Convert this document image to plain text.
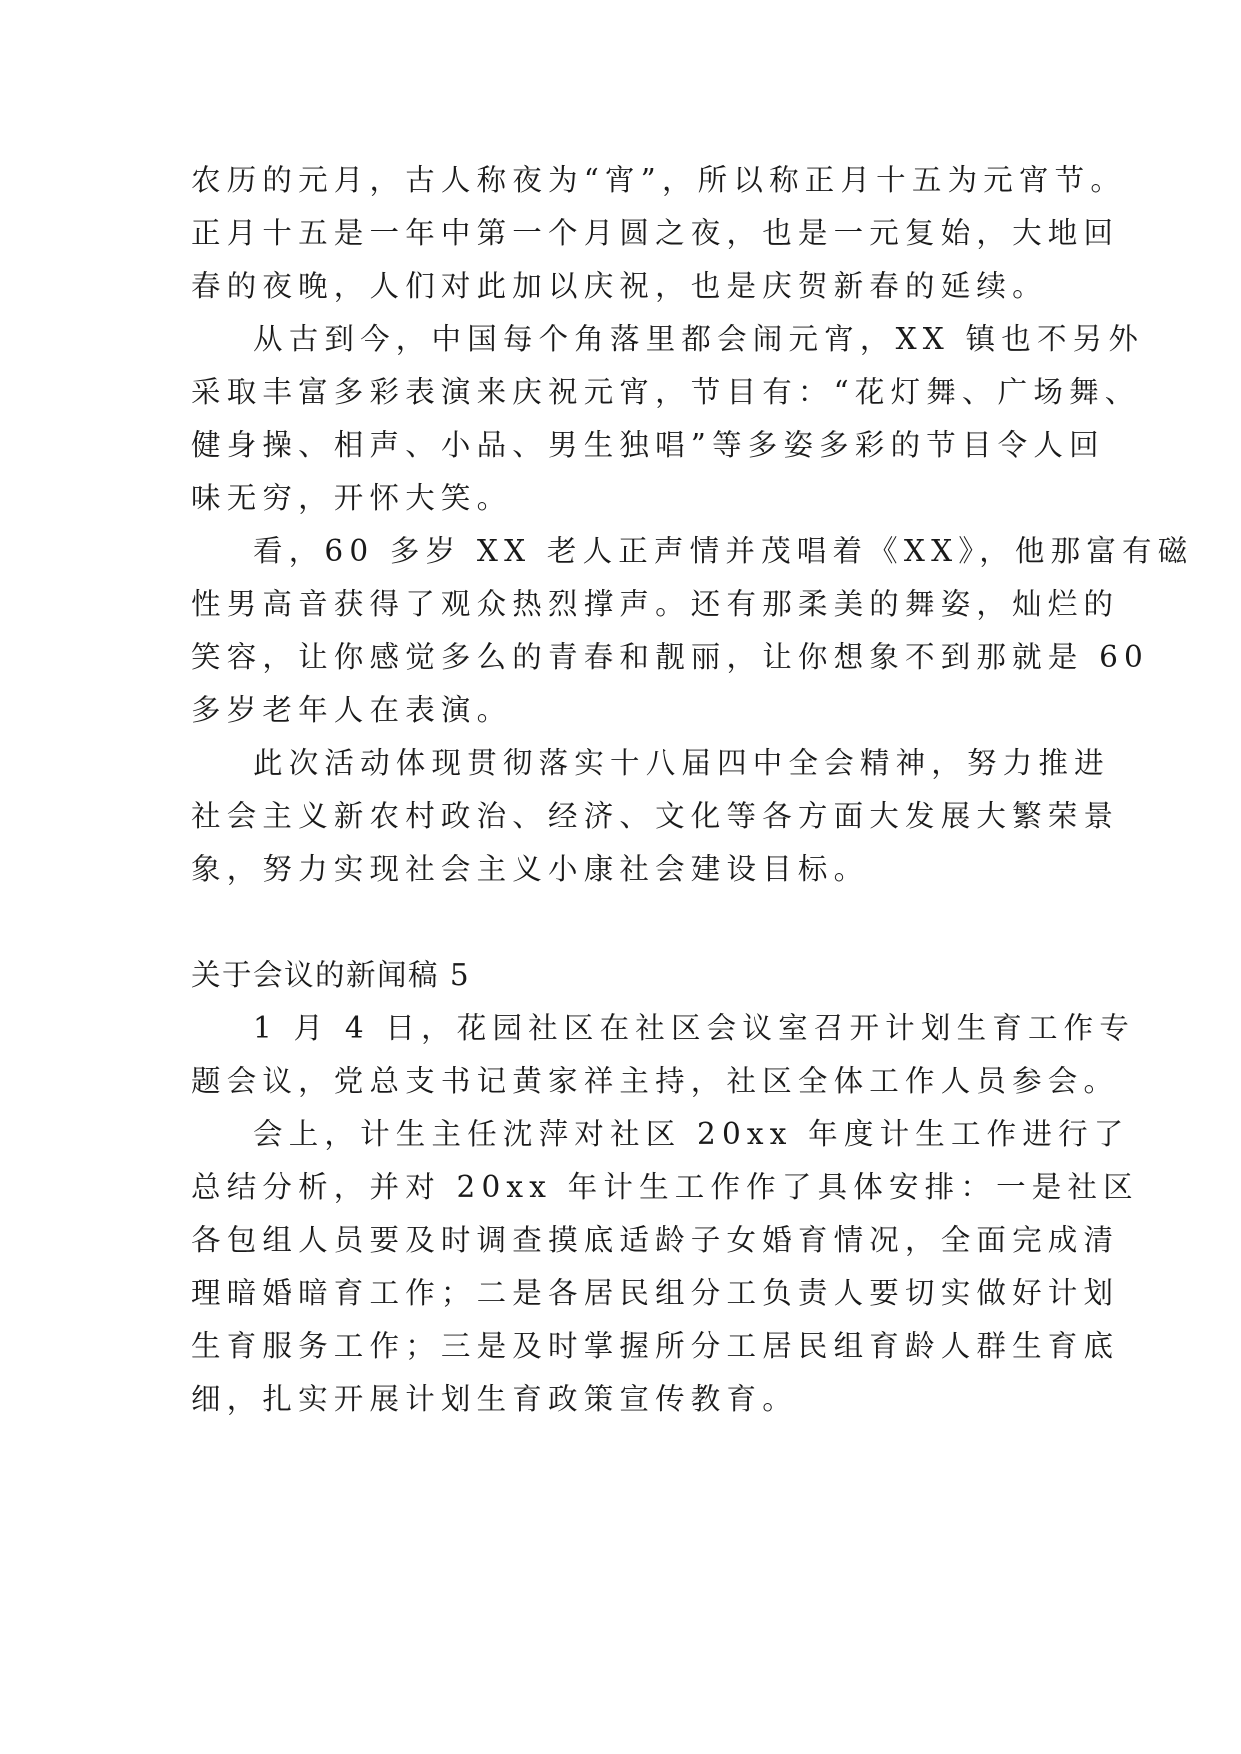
农历的元月，古人称夜为“宵”，所以称正月十五为元宵节。
正月十五是一年中第一个月圆之夜，也是一元复始，大地回
春的夜晚，人们对此加以庆祝，也是庆贺新春的延续。
从古到今，中国每个角落里都会闹元宵，XX 镇也不另外
采取丰富多彩表演来庆祝元宵，节目有：“花灯舞、广场舞、
健身操、相声、小品、男生独唱”等多姿多彩的节目令人回
味无穷，开怀大笑。
看，60 多岁 XX 老人正声情并茂唱着《XX》，他那富有磁
性男高音获得了观众热烈撑声。还有那柔美的舞姿，灿烂的
笑容，让你感觉多么的青春和靓丽，让你想象不到那就是 60
多岁老年人在表演。
此次活动体现贯彻落实十八届四中全会精神，努力推进
社会主义新农村政治、经济、文化等各方面大发展大繁荣景
象，努力实现社会主义小康社会建设目标。
关于会议的新闻稿 5
1 月 4 日，花园社区在社区会议室召开计划生育工作专
题会议，党总支书记黄家祥主持，社区全体工作人员参会。
会上，计生主任沈萍对社区 20xx 年度计生工作进行了
总结分析，并对 20xx 年计生工作作了具体安排：一是社区
各包组人员要及时调查摸底适龄子女婚育情况，全面完成清
理暗婚暗育工作；二是各居民组分工负责人要切实做好计划
生育服务工作；三是及时掌握所分工居民组育龄人群生育底
细，扎实开展计划生育政策宣传教育。
